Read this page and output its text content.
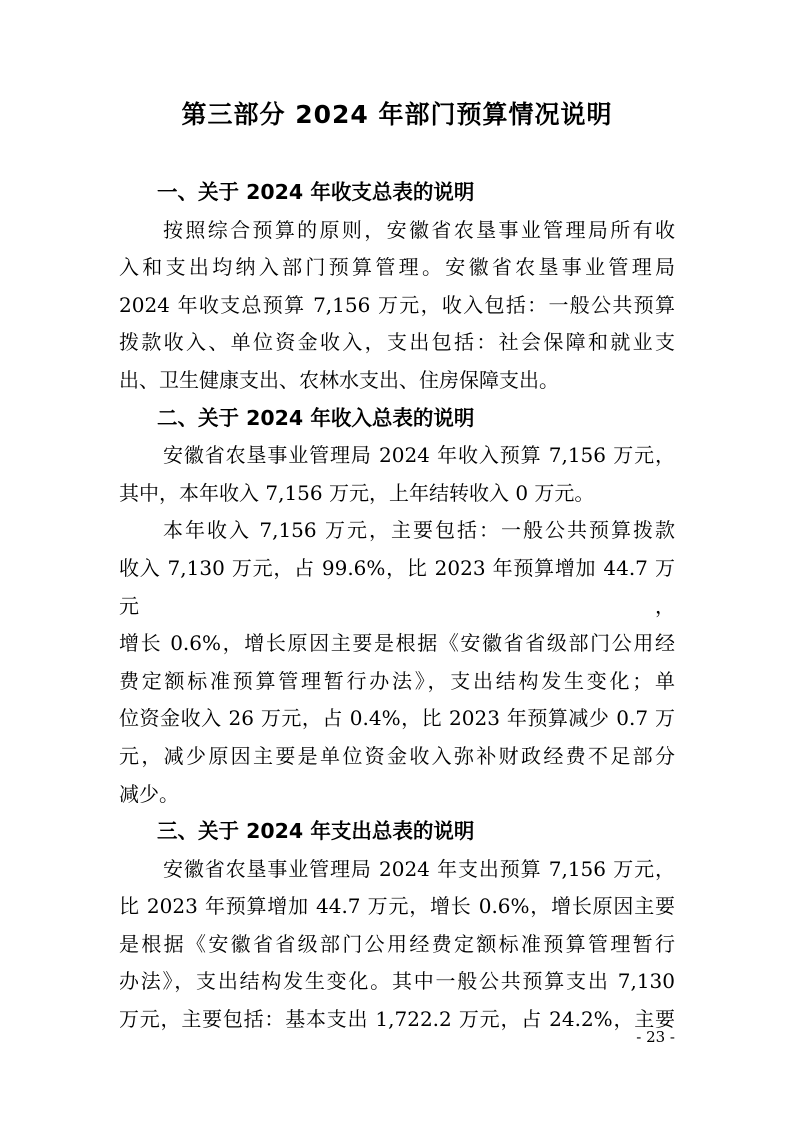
第三部分 2024 年部门预算情况说明
一、关于 2024 年收支总表的说明
按照综合预算的原则，安徽省农垦事业管理局所有收
入和支出均纳入部门预算管理。安徽省农垦事业管理局
2024 年收支总预算 7,156 万元，收入包括：一般公共预算
拨款收入、单位资金收入，支出包括：社会保障和就业支
出、卫生健康支出、农林水支出、住房保障支出。
二、关于 2024 年收入总表的说明
安徽省农垦事业管理局 2024 年收入预算 7,156 万元，
其中，本年收入 7,156 万元，上年结转收入 0 万元。
本年收入 7,156 万元，主要包括：一般公共预算拨款
收入 7,130 万元，占 99.6%，比 2023 年预算增加 44.7 万元，
增长 0.6%，增长原因主要是根据《安徽省省级部门公用经
费定额标准预算管理暂行办法》，支出结构发生变化；单
位资金收入 26 万元，占 0.4%，比 2023 年预算减少 0.7 万
元，减少原因主要是单位资金收入弥补财政经费不足部分
减少。
三、关于 2024 年支出总表的说明
安徽省农垦事业管理局 2024 年支出预算 7,156 万元，
比 2023 年预算增加 44.7 万元，增长 0.6%，增长原因主要
是根据《安徽省省级部门公用经费定额标准预算管理暂行
办法》，支出结构发生变化。其中一般公共预算支出 7,130
万元，主要包括：基本支出 1,722.2 万元，占 24.2%，主要
- 23 -
